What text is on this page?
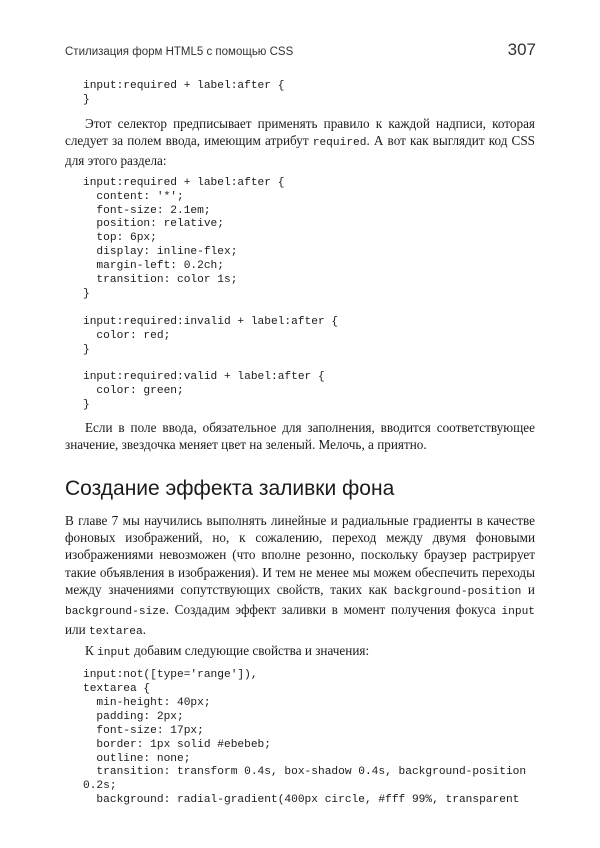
Стилизация форм HTML5 с помощью CSS	307
input:required + label:after {
}

Этот селектор предписывает применять правило к каждой надписи, которая следует за полем ввода, имеющим атрибут required. А вот как выглядит код CSS для этого раздела:

input:required + label:after {
content: '*';
font-size: 2.1em;
position: relative;
top: 6px;
display: inline-flex;
margin-left: 0.2ch;
transition: color 1s;
}

input:required:invalid + label:after {
color: red;
}

input:required:valid + label:after {
color: green;
}

Если в поле ввода, обязательное для заполнения, вводится соответствующее значение, звездочка меняет цвет на зеленый. Мелочь, а приятно.

Создание эффекта заливки фона

В главе 7 мы научились выполнять линейные и радиальные градиенты в качестве фоновых изображений, но, к сожалению, переход между двумя фоновыми изображениями невозможен (что вполне резонно, поскольку браузер растрирует такие объявления в изображения). И тем не менее мы можем обеспечить переходы между значениями сопутствующих свойств, таких как background-position и background-size. Создадим эффект заливки в момент получения фокуса input или textarea.

К input добавим следующие свойства и значения:

input:not([type='range']),
textarea {
min-height: 40px;
padding: 2px;
font-size: 17px;
border: 1px solid #ebebeb;
outline: none;
transition: transform 0.4s, box-shadow 0.4s, background-position
0.2s;
background: radial-gradient(400px circle, #fff 99%, transparent
